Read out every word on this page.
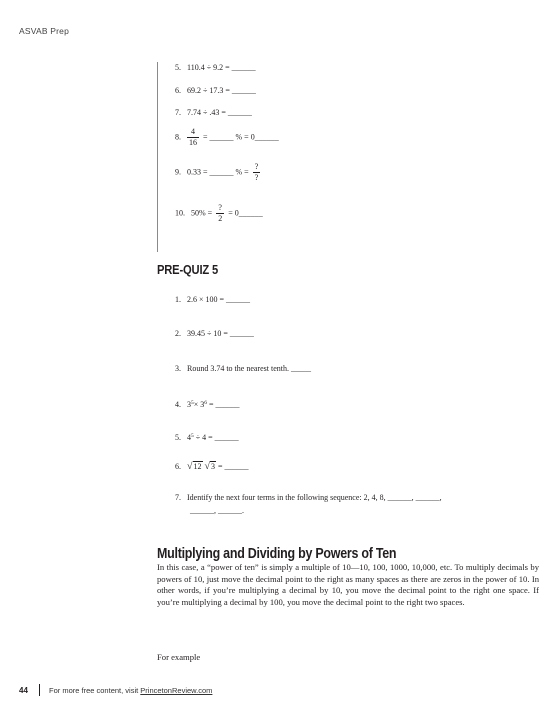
ASVAB Prep
5. 110.4 ÷ 9.2 = ______
6. 69.2 ÷ 17.3 = ______
7. 7.74 ÷ .43 = ______
8. $\frac{4}{16}$ = ______ % = 0______
9. 0.33 = ______ % = $\frac{?}{?}$
10. $50\% = \frac{?}{2}$ = 0______
PRE-QUIZ 5
1. 2.6 × 100 = ______
2. 39.45 ÷ 10 = ______
3. Round 3.74 to the nearest tenth. _____
4. $3^5\times 3^6$ = ______
5. $4^5 \div 4$ = ______
6. √12 √3 = ______
7. Identify the next four terms in the following sequence: 2, 4, 8, ______, ______,
______, ______.
Multiplying and Dividing by Powers of Ten

In this case, a “power of ten” is simply a multiple of 10—10, 100, 1000, 10,000, etc. To multiply decimals by powers of 10, just move the decimal point to the right as many spaces as there are zeros in the power of 10. In other words, if you’re multiplying a decimal by 10, you move the decimal point to the right one space. If you’re multiplying a decimal by 100, you move the decimal point to the right two spaces.

For example
44	For more free content, visit PrincetonReview.com
